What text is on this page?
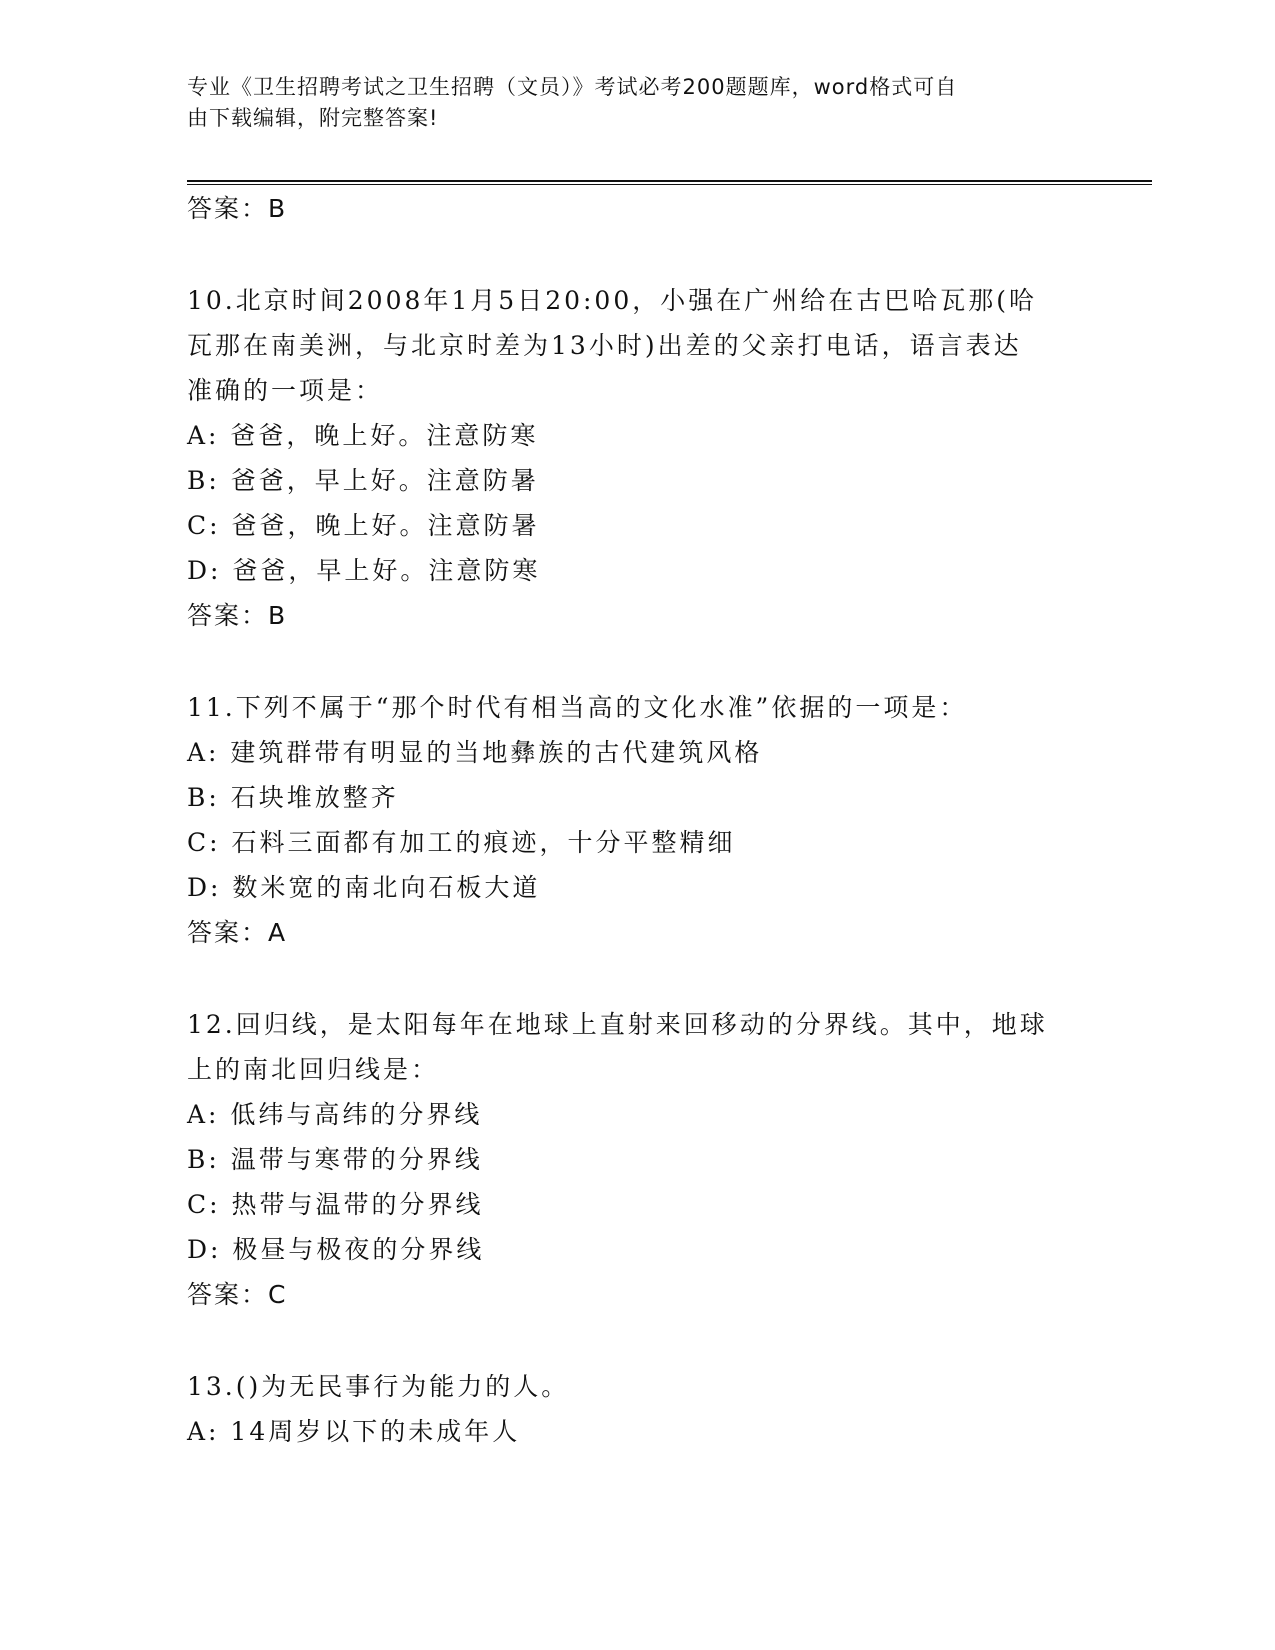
专业《卫生招聘考试之卫生招聘（文员）》考试必考200题题库，word格式可自
由下载编辑，附完整答案!
答案：B
10.北京时间2008年1月5日20:00，小强在广州给在古巴哈瓦那(哈
瓦那在南美洲，与北京时差为13小时)出差的父亲打电话，语言表达
准确的一项是：
A: 爸爸，晚上好。注意防寒
B: 爸爸，早上好。注意防暑
C: 爸爸，晚上好。注意防暑
D: 爸爸，早上好。注意防寒
答案：B
11.下列不属于“那个时代有相当高的文化水准”依据的一项是：
A: 建筑群带有明显的当地彝族的古代建筑风格
B: 石块堆放整齐
C: 石料三面都有加工的痕迹，十分平整精细
D: 数米宽的南北向石板大道
答案：A
12.回归线，是太阳每年在地球上直射来回移动的分界线。其中，地球
上的南北回归线是：
A: 低纬与高纬的分界线
B: 温带与寒带的分界线
C: 热带与温带的分界线
D: 极昼与极夜的分界线
答案：C
13.()为无民事行为能力的人。
A: 14周岁以下的未成年人
